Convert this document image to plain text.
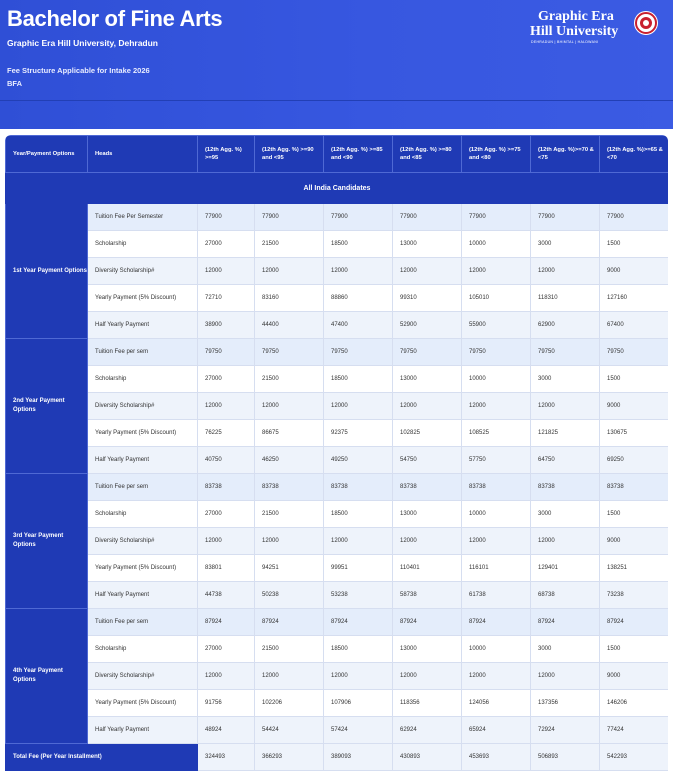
Bachelor of Fine Arts
Graphic Era Hill University, Dehradun
Fee Structure Applicable for Intake 2026
BFA
Graphic Era
Hill University
DEHRADUN | BHIMTAL | HALDWANI
Year/Payment Options	Heads	(12th Agg. %) >=95	(12th Agg. %) >=90 and <95	(12th Agg. %) >=85 and <90	(12th Agg. %) >=80 and <85	(12th Agg. %) >=75 and <80	(12th Agg. %)>=70 & <75	(12th Agg. %)>=65 & <70
All India Candidates								
1st Year Payment Options	Tuition Fee Per Semester	77900	77900	77900	77900	77900	77900	77900
	Scholarship	27000	21500	18500	13000	10000	3000	1500
	Diversity Scholarship#	12000	12000	12000	12000	12000	12000	9000
	Yearly Payment (5% Discount)	72710	83160	88860	99310	105010	118310	127160
	Half Yearly Payment	38900	44400	47400	52900	55900	62900	67400
2nd Year Payment Options	Tuition Fee per sem	79750	79750	79750	79750	79750	79750	79750
	Scholarship	27000	21500	18500	13000	10000	3000	1500
	Diversity Scholarship#	12000	12000	12000	12000	12000	12000	9000
	Yearly Payment (5% Discount)	76225	86675	92375	102825	108525	121825	130675
	Half Yearly Payment	40750	46250	49250	54750	57750	64750	69250
3rd Year Payment Options	Tuition Fee per sem	83738	83738	83738	83738	83738	83738	83738
	Scholarship	27000	21500	18500	13000	10000	3000	1500
	Diversity Scholarship#	12000	12000	12000	12000	12000	12000	9000
	Yearly Payment (5% Discount)	83801	94251	99951	110401	116101	129401	138251
	Half Yearly Payment	44738	50238	53238	58738	61738	68738	73238
4th Year Payment Options	Tuition Fee per sem	87924	87924	87924	87924	87924	87924	87924
	Scholarship	27000	21500	18500	13000	10000	3000	1500
	Diversity Scholarship#	12000	12000	12000	12000	12000	12000	9000
	Yearly Payment (5% Discount)	91756	102206	107906	118356	124056	137356	146206
	Half Yearly Payment	48924	54424	57424	62924	65924	72924	77424
Total Fee (Per Year Installment)		324493	366293	389093	430893	453693	506893	542293
